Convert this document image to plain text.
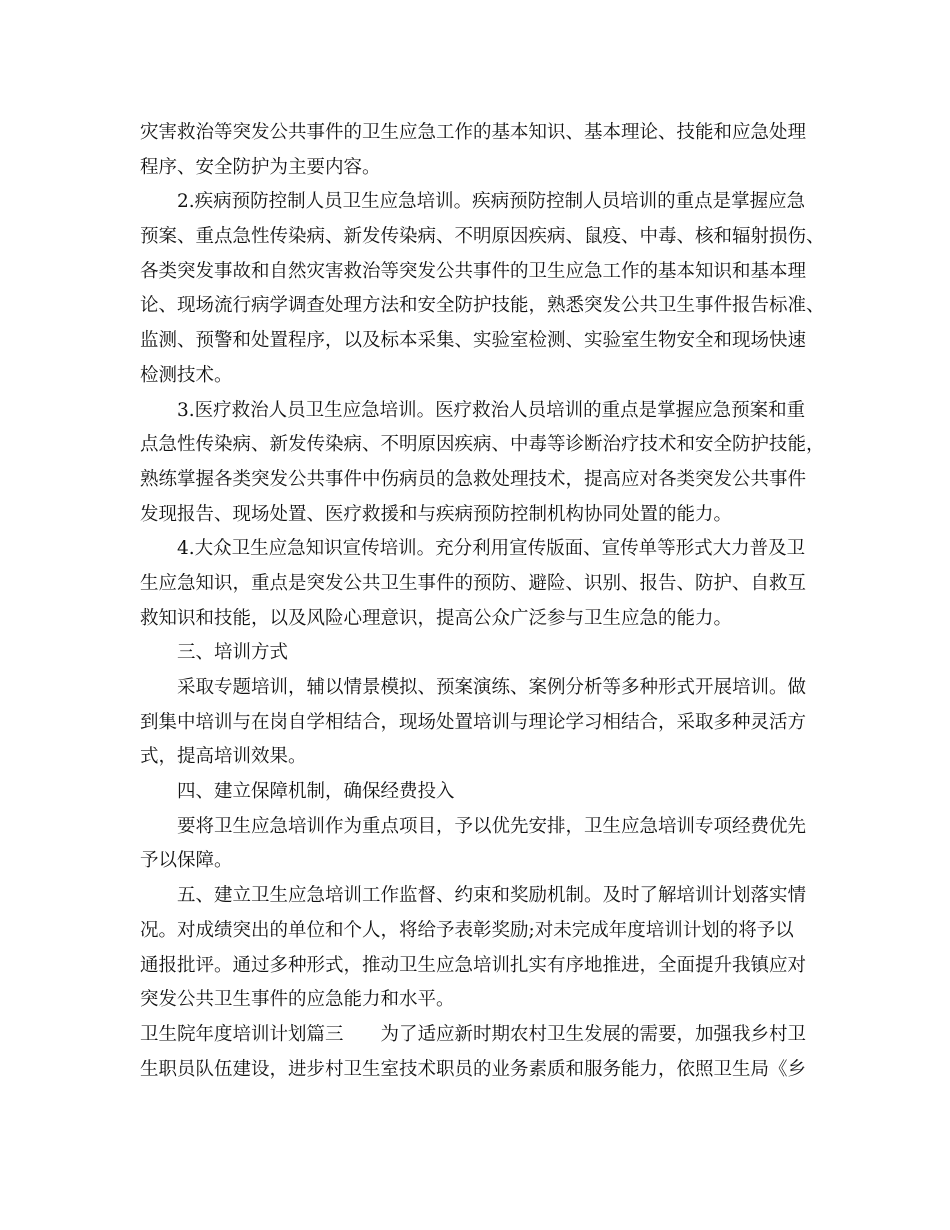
灾害救治等突发公共事件的卫生应急工作的基本知识、基本理论、技能和应急处理
程序、安全防护为主要内容。
2.疾病预防控制人员卫生应急培训。疾病预防控制人员培训的重点是掌握应急
预案、重点急性传染病、新发传染病、不明原因疾病、鼠疫、中毒、核和辐射损伤、
各类突发事故和自然灾害救治等突发公共事件的卫生应急工作的基本知识和基本理
论、现场流行病学调查处理方法和安全防护技能，熟悉突发公共卫生事件报告标准、
监测、预警和处置程序，以及标本采集、实验室检测、实验室生物安全和现场快速
检测技术。
3.医疗救治人员卫生应急培训。医疗救治人员培训的重点是掌握应急预案和重
点急性传染病、新发传染病、不明原因疾病、中毒等诊断治疗技术和安全防护技能，
熟练掌握各类突发公共事件中伤病员的急救处理技术，提高应对各类突发公共事件
发现报告、现场处置、医疗救援和与疾病预防控制机构协同处置的能力。
4.大众卫生应急知识宣传培训。充分利用宣传版面、宣传单等形式大力普及卫
生应急知识，重点是突发公共卫生事件的预防、避险、识别、报告、防护、自救互
救知识和技能，以及风险心理意识，提高公众广泛参与卫生应急的能力。
三、培训方式
采取专题培训，辅以情景模拟、预案演练、案例分析等多种形式开展培训。做
到集中培训与在岗自学相结合，现场处置培训与理论学习相结合，采取多种灵活方
式，提高培训效果。
四、建立保障机制，确保经费投入
要将卫生应急培训作为重点项目，予以优先安排，卫生应急培训专项经费优先
予以保障。
五、建立卫生应急培训工作监督、约束和奖励机制。及时了解培训计划落实情
况。对成绩突出的单位和个人，将给予表彰奖励;对未完成年度培训计划的将予以
通报批评。通过多种形式，推动卫生应急培训扎实有序地推进，全面提升我镇应对
突发公共卫生事件的应急能力和水平。
卫生院年度培训计划篇三　　为了适应新时期农村卫生发展的需要，加强我乡村卫
生职员队伍建设，进步村卫生室技术职员的业务素质和服务能力，依照卫生局《乡
